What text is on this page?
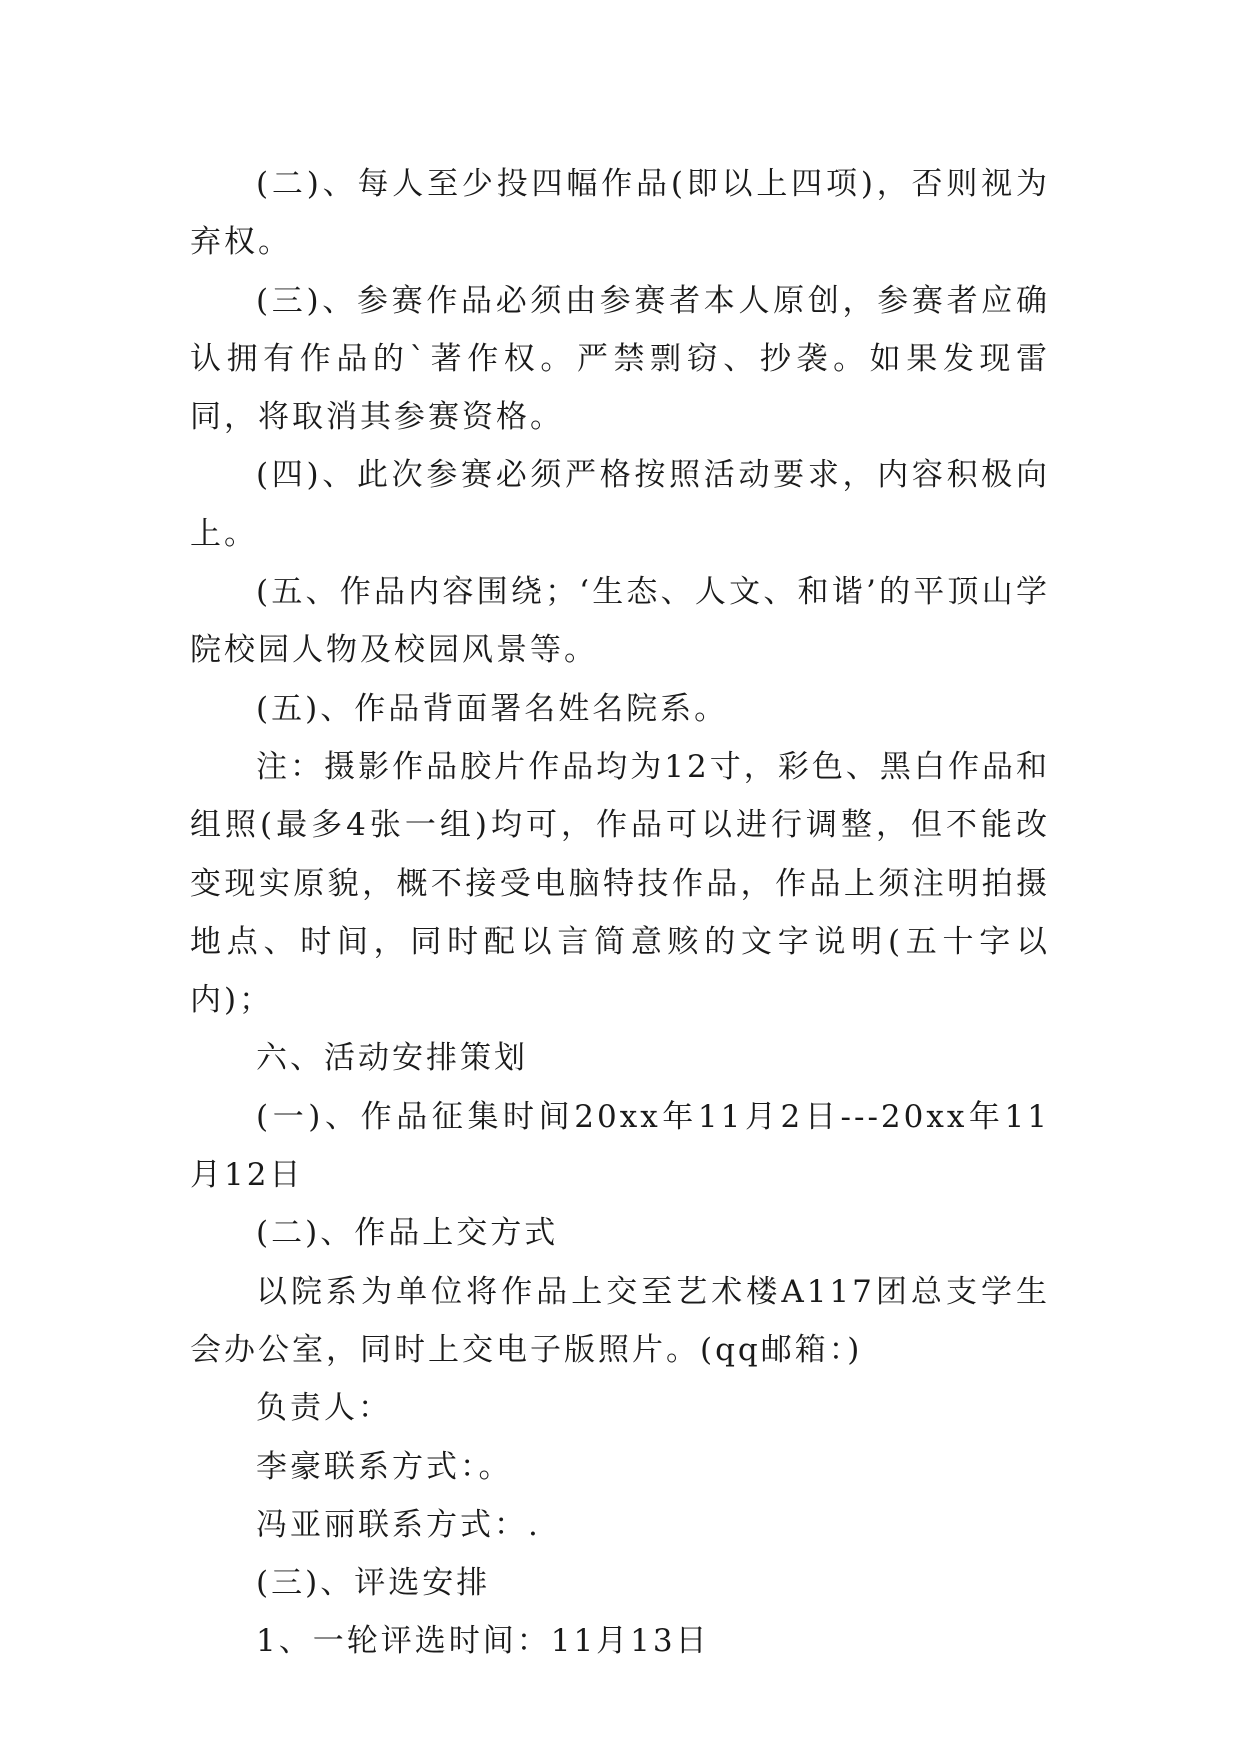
(二)、每人至少投四幅作品(即以上四项)，否则视为弃权。

(三)、参赛作品必须由参赛者本人原创，参赛者应确认拥有作品的`著作权。严禁剽窃、抄袭。如果发现雷同，将取消其参赛资格。

(四)、此次参赛必须严格按照活动要求，内容积极向上。

(五、作品内容围绕；‘生态、人文、和谐’的平顶山学院校园人物及校园风景等。

(五)、作品背面署名姓名院系。

注：摄影作品胶片作品均为12寸，彩色、黑白作品和组照(最多4张一组)均可，作品可以进行调整，但不能改变现实原貌，概不接受电脑特技作品，作品上须注明拍摄地点、时间，同时配以言简意赅的文字说明(五十字以内)；

六、活动安排策划

(一)、作品征集时间20xx年11月2日---20xx年11月12日

(二)、作品上交方式

以院系为单位将作品上交至艺术楼A117团总支学生会办公室，同时上交电子版照片。(qq邮箱：)

负责人：

李豪联系方式：。

冯亚丽联系方式：.

(三)、评选安排

1、一轮评选时间：11月13日
